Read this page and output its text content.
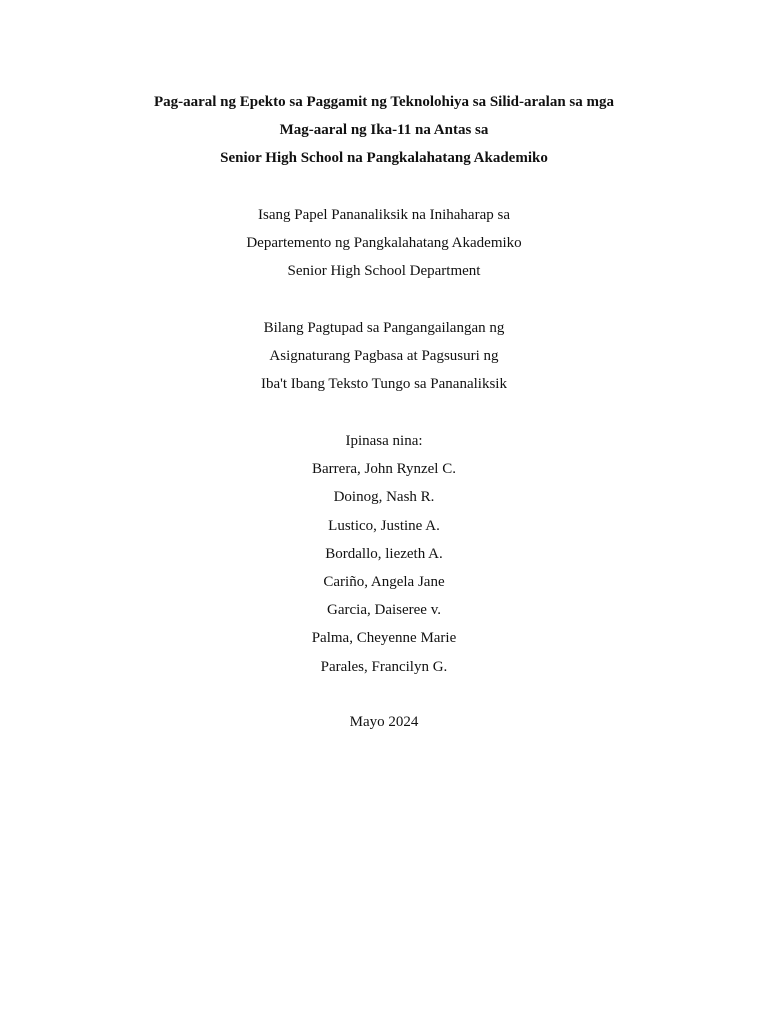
Pag-aaral ng Epekto sa Paggamit ng Teknolohiya sa Silid-aralan sa mga
Mag-aaral ng Ika-11 na Antas sa
Senior High School na Pangkalahatang Akademiko
Isang Papel Pananaliksik na Inihaharap sa
Departemento ng Pangkalahatang Akademiko
Senior High School Department
Bilang Pagtupad sa Pangangailangan ng
Asignaturang Pagbasa at Pagsusuri ng
Iba't Ibang Teksto Tungo sa Pananaliksik
Ipinasa nina:
Barrera, John Rynzel C.
Doinog, Nash R.
Lustico, Justine A.
Bordallo, liezeth A.
Cariño, Angela Jane
Garcia, Daiseree v.
Palma, Cheyenne Marie
Parales, Francilyn G.
Mayo 2024
